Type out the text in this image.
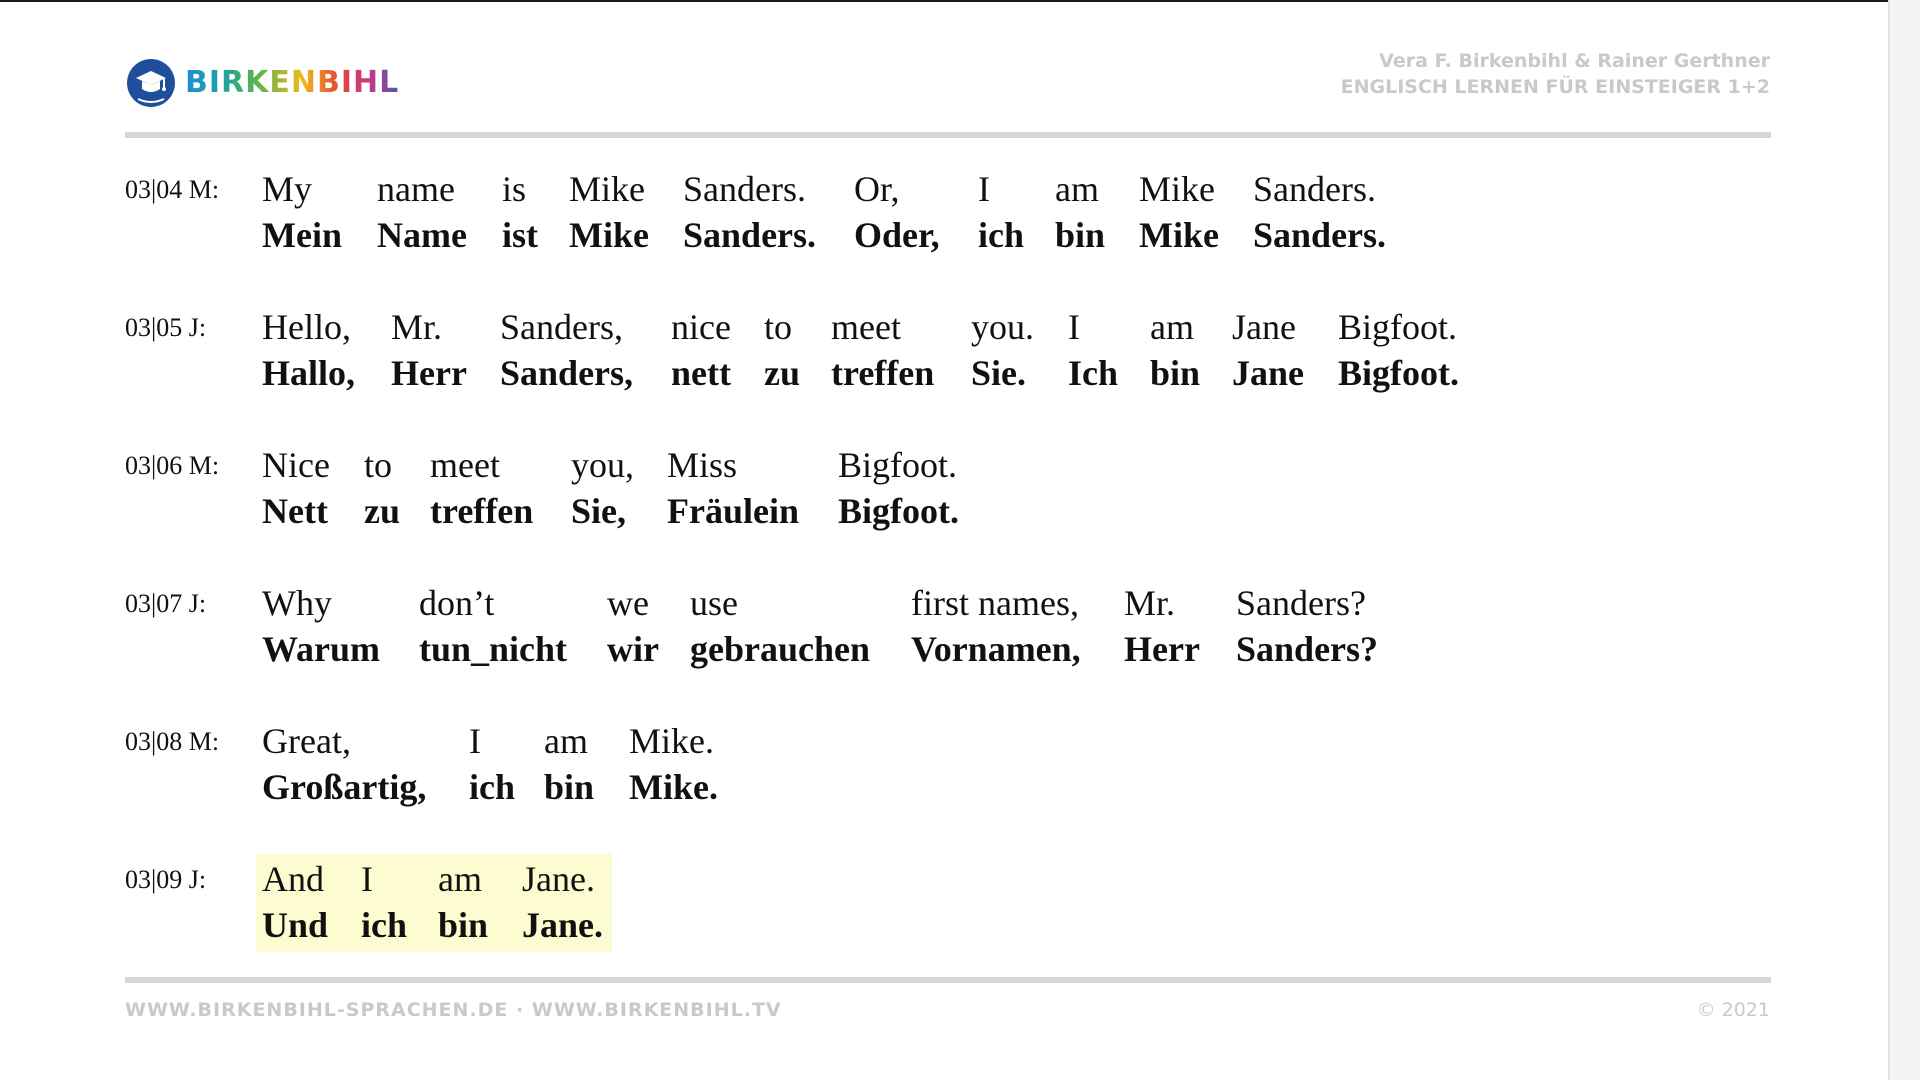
BIRKENBIHL
Vera F. Birkenbihl & Rainer Gerthner
ENGLISCH LERNEN FÜR EINSTEIGER 1+2
03|04 M: My name is Mike Sanders. Or, I am Mike Sanders.
Mein Name ist Mike Sanders. Oder, ich bin Mike Sanders.
03|05 J: Hello, Mr. Sanders, nice to meet you. I am Jane Bigfoot.
Hallo, Herr Sanders, nett zu treffen Sie. Ich bin Jane Bigfoot.
03|06 M: Nice to meet you, Miss	Bigfoot.
Nett zu treffen Sie, Fräulein Bigfoot.
03|07 J: Why don’t	we use	first names, Mr. Sanders?
Warum tun_nicht wir gebrauchen Vornamen, Herr Sanders?
03|08 M: Great,	I am Mike.
Großartig, ich bin Mike.
03|09 J: And I am Jane.
Und ich bin Jane.
WWW.BIRKENBIHL-SPRACHEN.DE · WWW.BIRKENBIHL.TV	© 2021
